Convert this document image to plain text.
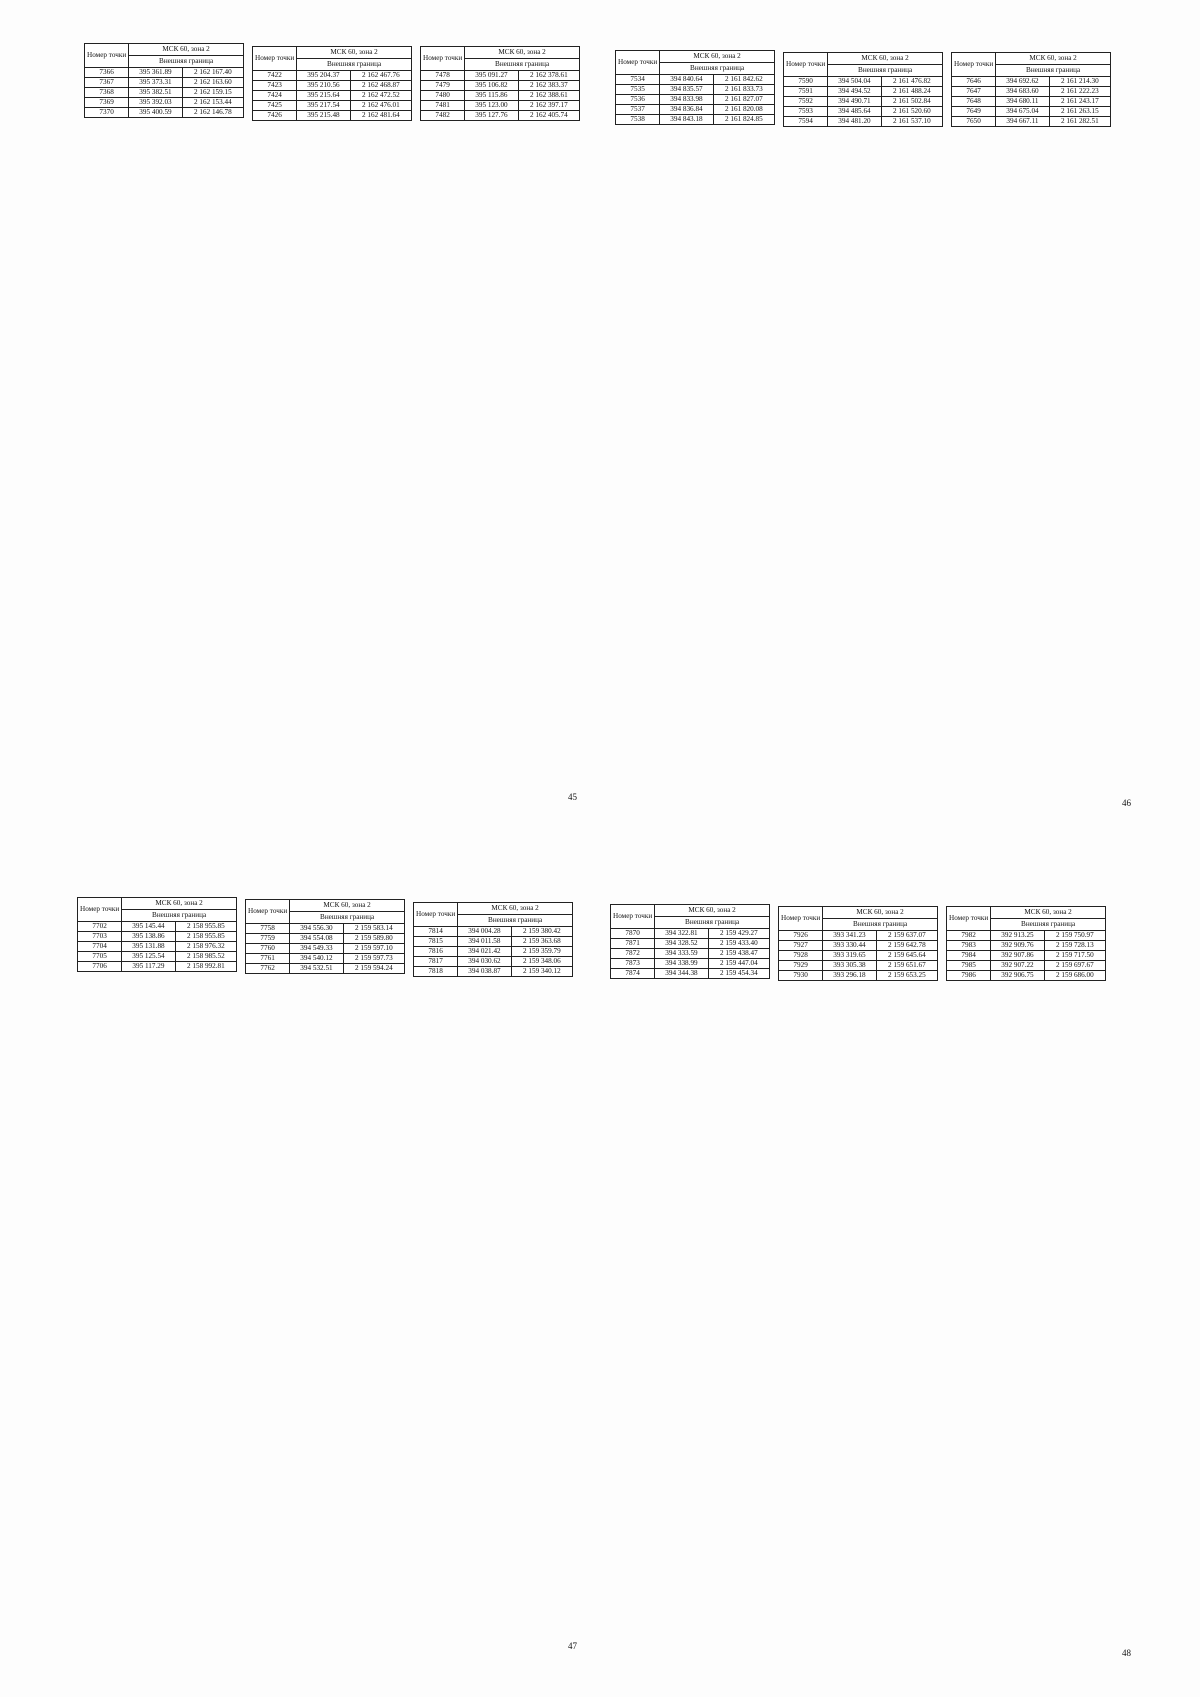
Номер точки	МСК 60, зона 2	
	Внешняя граница	
7366	395 361.89	2 162 167.40
7367	395 373.31	2 162 163.60
7368	395 382.51	2 162 159.15
7369	395 392.03	2 162 153.44
7370	395 400.59	2 162 146.78
Номер точки	МСК 60, зона 2	
	Внешняя граница	
7422	395 204.37	2 162 467.76
7423	395 210.56	2 162 468.87
7424	395 215.64	2 162 472.52
7425	395 217.54	2 162 476.01
7426	395 215.48	2 162 481.64
Номер точки	МСК 60, зона 2	
	Внешняя граница	
7478	395 091.27	2 162 378.61
7479	395 106.82	2 162 383.37
7480	395 115.86	2 162 388.61
7481	395 123.00	2 162 397.17
7482	395 127.76	2 162 405.74
Номер точки	МСК 60, зона 2	
	Внешняя граница	
7534	394 840.64	2 161 842.62
7535	394 835.57	2 161 833.73
7536	394 833.98	2 161 827.07
7537	394 836.84	2 161 820.08
7538	394 843.18	2 161 824.85
Номер точки	МСК 60, зона 2	
	Внешняя граница	
7590	394 504.04	2 161 476.82
7591	394 494.52	2 161 488.24
7592	394 490.71	2 161 502.84
7593	394 485.64	2 161 520.60
7594	394 481.20	2 161 537.10
Номер точки	МСК 60, зона 2	
	Внешняя граница	
7646	394 692.62	2 161 214.30
7647	394 683.60	2 161 222.23
7648	394 680.11	2 161 243.17
7649	394 675.04	2 161 263.15
7650	394 667.11	2 161 282.51
Номер точки	МСК 60, зона 2	
	Внешняя граница	
7702	395 145.44	2 158 955.85
7703	395 138.86	2 158 955.85
7704	395 131.88	2 158 976.32
7705	395 125.54	2 158 985.52
7706	395 117.29	2 158 992.81
Номер точки	МСК 60, зона 2	
	Внешняя граница	
7758	394 556.30	2 159 583.14
7759	394 554.08	2 159 589.80
7760	394 549.33	2 159 597.10
7761	394 540.12	2 159 597.73
7762	394 532.51	2 159 594.24
Номер точки	МСК 60, зона 2	
	Внешняя граница	
7814	394 004.28	2 159 380.42
7815	394 011.58	2 159 363.68
7816	394 021.42	2 159 359.79
7817	394 030.62	2 159 348.06
7818	394 038.87	2 159 340.12
Номер точки	МСК 60, зона 2	
	Внешняя граница	
7870	394 322.81	2 159 429.27
7871	394 328.52	2 159 433.40
7872	394 333.59	2 159 438.47
7873	394 338.99	2 159 447.04
7874	394 344.38	2 159 454.34
Номер точки	МСК 60, зона 2	
	Внешняя граница	
7926	393 341.23	2 159 637.07
7927	393 330.44	2 159 642.78
7928	393 319.65	2 159 645.64
7929	393 305.38	2 159 651.67
7930	393 296.18	2 159 653.25
Номер точки	МСК 60, зона 2	
	Внешняя граница	
7982	392 913.25	2 159 750.97
7983	392 909.76	2 159 728.13
7984	392 907.86	2 159 717.50
7985	392 907.22	2 159 697.67
7986	392 906.75	2 159 686.00
45
46
47
48
